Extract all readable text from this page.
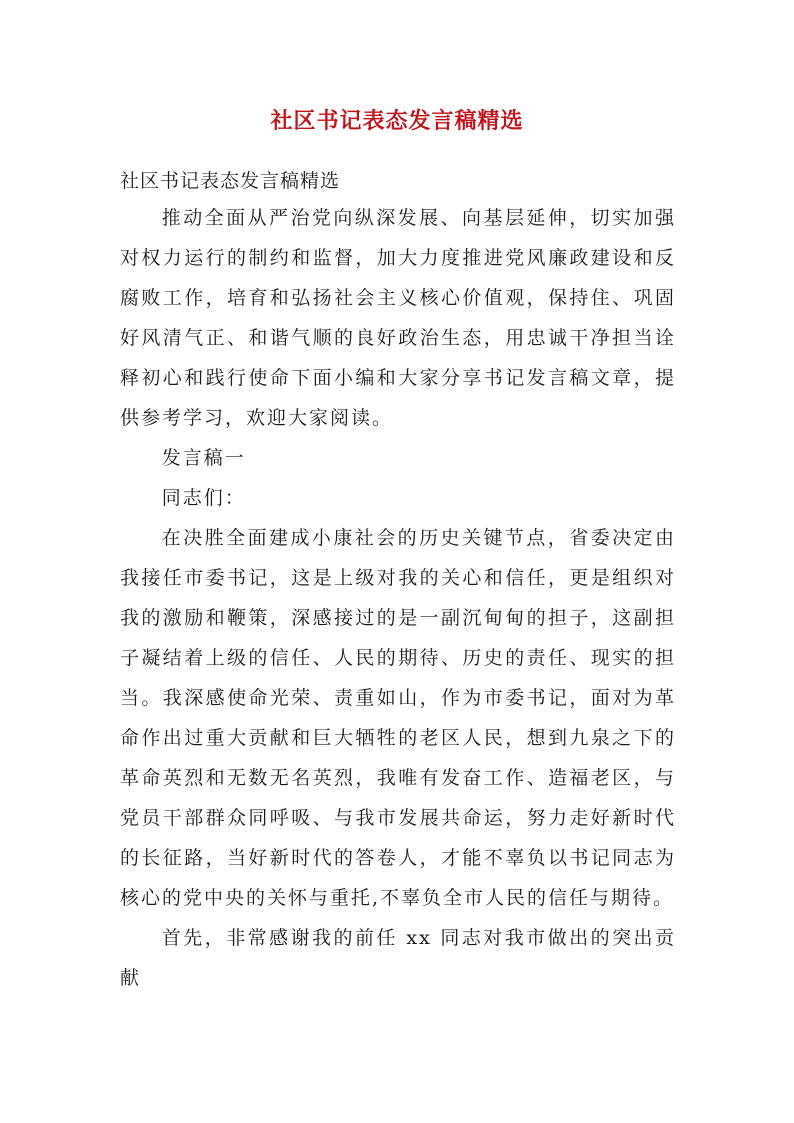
社区书记表态发言稿精选

社区书记表态发言稿精选

推动全面从严治党向纵深发展、向基层延伸，切实加强对权力运行的制约和监督，加大力度推进党风廉政建设和反腐败工作，培育和弘扬社会主义核心价值观，保持住、巩固好风清气正、和谐气顺的良好政治生态，用忠诚干净担当诠释初心和践行使命下面小编和大家分享书记发言稿文章，提供参考学习，欢迎大家阅读。

发言稿一

同志们：

在决胜全面建成小康社会的历史关键节点，省委决定由我接任市委书记，这是上级对我的关心和信任，更是组织对我的激励和鞭策，深感接过的是一副沉甸甸的担子，这副担子凝结着上级的信任、人民的期待、历史的责任、现实的担当。我深感使命光荣、责重如山，作为市委书记，面对为革命作出过重大贡献和巨大牺牲的老区人民，想到九泉之下的革命英烈和无数无名英烈，我唯有发奋工作、造福老区，与党员干部群众同呼吸、与我市发展共命运，努力走好新时代的长征路，当好新时代的答卷人，才能不辜负以书记同志为核心的党中央的关怀与重托,不辜负全市人民的信任与期待。

首先，非常感谢我的前任 xx 同志对我市做出的突出贡献
